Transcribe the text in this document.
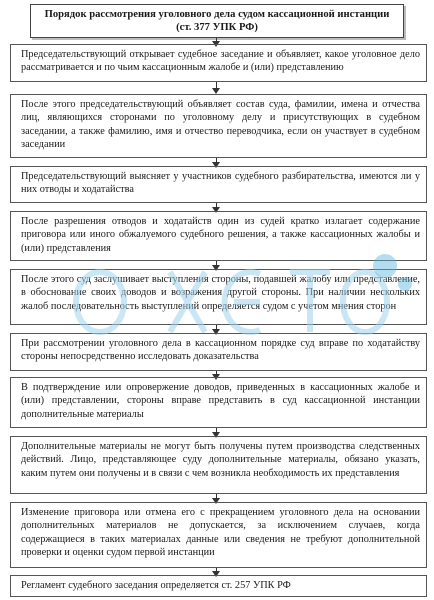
Порядок рассмотрения уголовного дела судом кассационной инстанции
(ст. 377 УПК РФ)
Председательствующий открывает судебное заседание и объявляет, какое уголовное дело рассматривается и по чьим кассационным жалобе и (или) представлению
После этого председательствующий объявляет состав суда, фамилии, имена и отчества лиц, являющихся сторонами по уголовному делу и присутствующих в судебном заседании, а также фамилию, имя и отчество переводчика, если он участвует в судебном заседании
Председательствующий выясняет у участников судебного разбирательства, имеются ли у них отводы и ходатайства
После разрешения отводов и ходатайств один из судей кратко излагает содержание приговора или иного обжалуемого судебного решения, а также кассационных жалобы и (или) представления
После этого суд заслушивает выступления стороны, подавшей жалобу или представление, в обоснование своих доводов и возражения другой стороны. При наличии нескольких жалоб последовательность выступлений определяется судом с учетом мнения сторон
При рассмотрении уголовного дела в кассационном порядке суд вправе по ходатайству стороны непосредственно исследовать доказательства
В подтверждение или опровержение доводов, приведенных в кассационных жалобе и (или) представлении, стороны вправе представить в суд кассационной инстанции дополнительные материалы
Дополнительные материалы не могут быть получены путем производства следственных действий. Лицо, представляющее суду дополнительные материалы, обязано указать, каким путем они получены и в связи с чем возникла необходимость их представления
Изменение приговора или отмена его с прекращением уголовного дела на основании дополнительных материалов не допускается, за исключением случаев, когда содержащиеся в таких материалах данные или сведения не требуют дополнительной проверки и оценки судом первой инстанции
Регламент судебного заседания определяется ст. 257 УПК РФ
